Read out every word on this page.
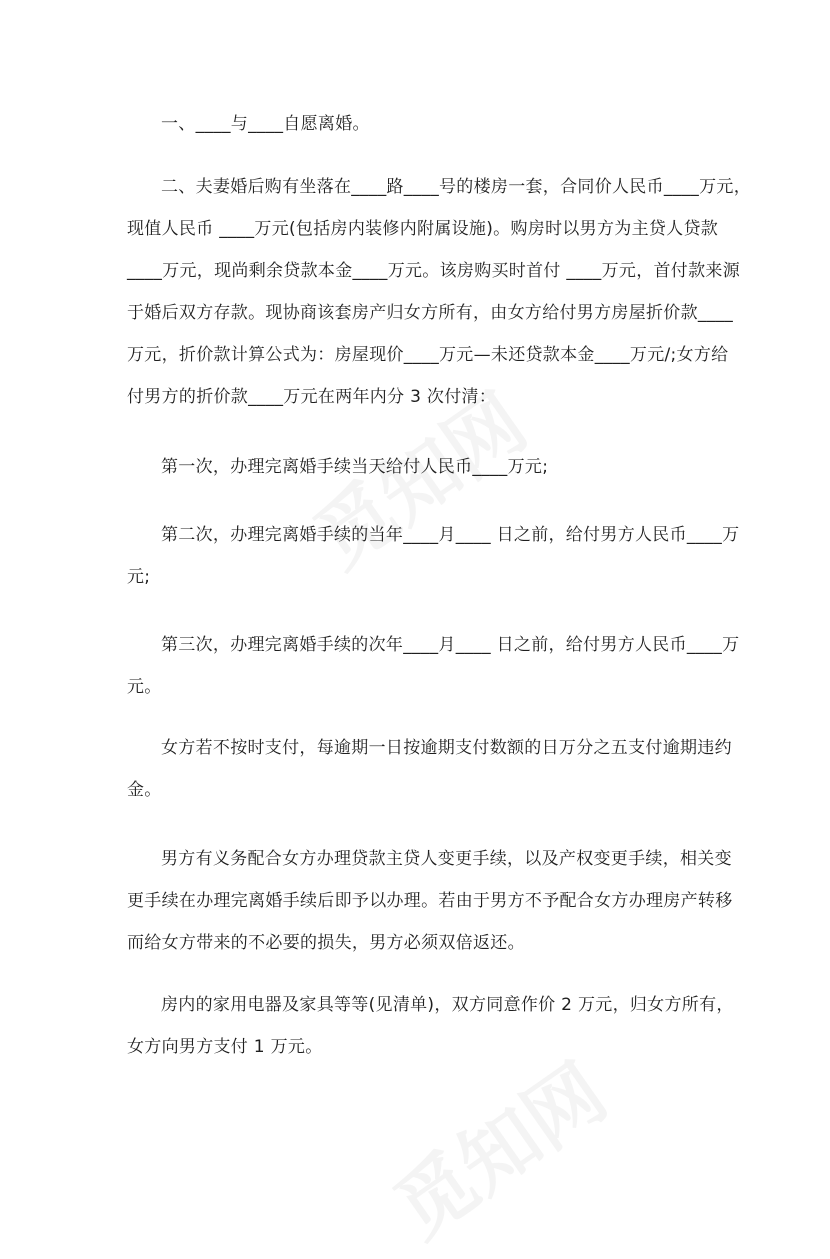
一、____与____自愿离婚。
二、夫妻婚后购有坐落在____路____号的楼房一套，合同价人民币____万元，
现值人民币 ____万元(包括房内装修内附属设施)。购房时以男方为主贷人贷款
____万元，现尚剩余贷款本金____万元。该房购买时首付 ____万元，首付款来源
于婚后双方存款。现协商该套房产归女方所有，由女方给付男方房屋折价款____
万元，折价款计算公式为：房屋现价____万元—未还贷款本金____万元/;女方给
付男方的折价款____万元在两年内分 3 次付清：
第一次，办理完离婚手续当天给付人民币____万元;
第二次，办理完离婚手续的当年____月____ 日之前，给付男方人民币____万
元;
第三次，办理完离婚手续的次年____月____ 日之前，给付男方人民币____万
元。
女方若不按时支付，每逾期一日按逾期支付数额的日万分之五支付逾期违约
金。
男方有义务配合女方办理贷款主贷人变更手续，以及产权变更手续，相关变
更手续在办理完离婚手续后即予以办理。若由于男方不予配合女方办理房产转移
而给女方带来的不必要的损失，男方必须双倍返还。
房内的家用电器及家具等等(见清单)，双方同意作价 2 万元，归女方所有，
女方向男方支付 1 万元。
